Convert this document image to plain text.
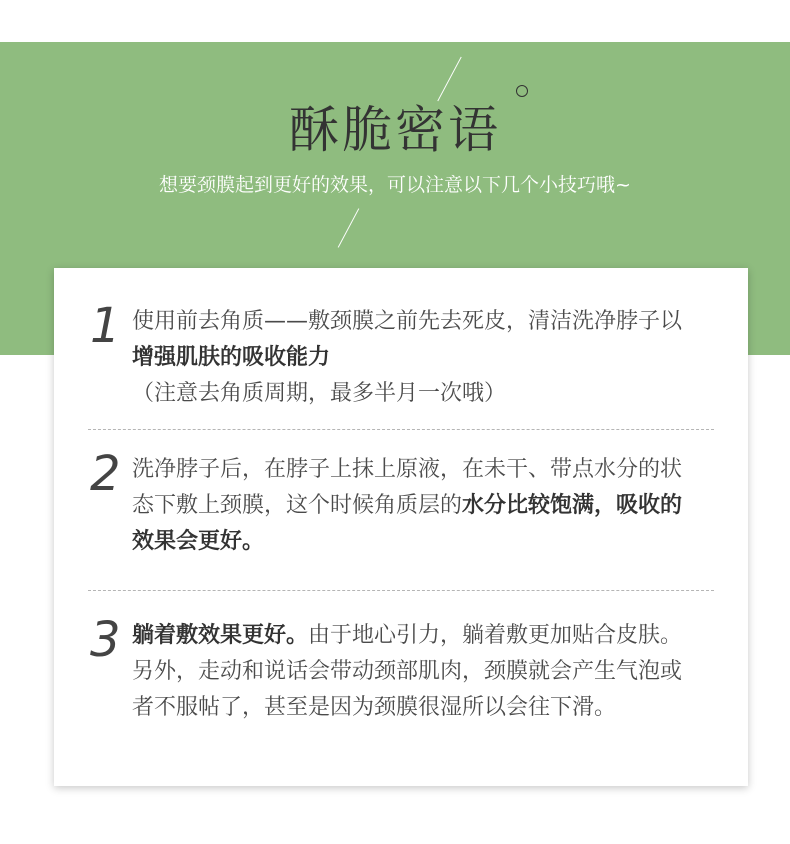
酥脆密语
想要颈膜起到更好的效果，可以注意以下几个小技巧哦~
1 使用前去角质——敷颈膜之前先去死皮，清洁洗净脖子以增强肌肤的吸收能力（注意去角质周期，最多半月一次哦）
2 洗净脖子后，在脖子上抹上原液，在未干、带点水分的状态下敷上颈膜，这个时候角质层的水分比较饱满，吸收的效果会更好。
3 躺着敷效果更好。由于地心引力，躺着敷更加贴合皮肤。另外，走动和说话会带动颈部肌肉，颈膜就会产生气泡或者不服帖了，甚至是因为颈膜很湿所以会往下滑。
